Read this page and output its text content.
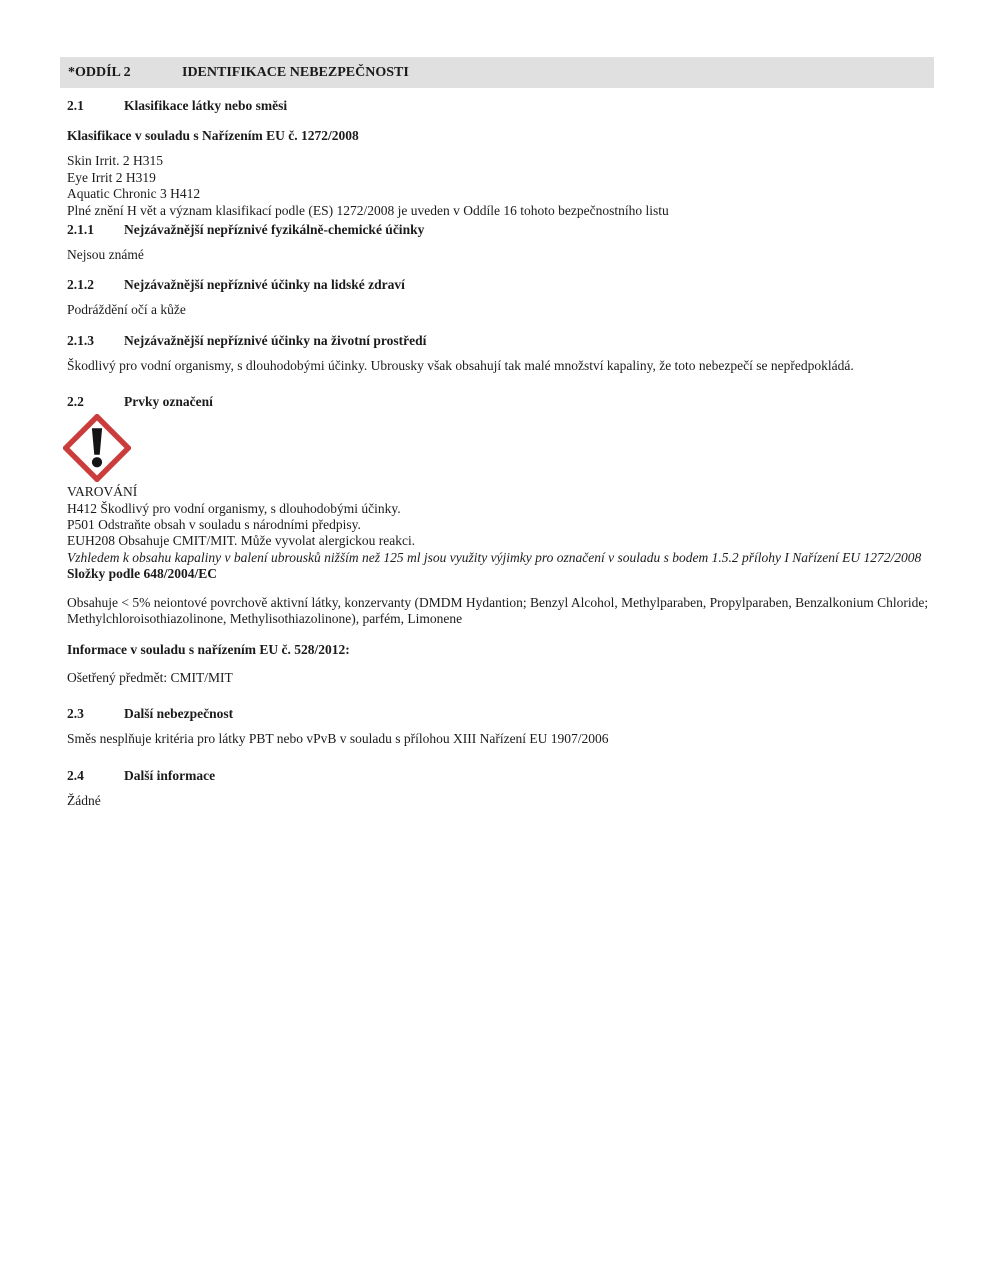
*ODDÍL 2	IDENTIFIKACE NEBEZPEČNOSTI
2.1	Klasifikace látky nebo směsi

Klasifikace v souladu s Nařízením EU č. 1272/2008

Skin Irrit. 2 H315
Eye Irrit 2 H319
Aquatic Chronic 3 H412
Plné znění H vět a význam klasifikací podle (ES) 1272/2008 je uveden v Oddíle 16 tohoto bezpečnostního listu
2.1.1	Nejzávažnější nepříznivé fyzikálně-chemické účinky

Nejsou známé

2.1.2	Nejzávažnější nepříznivé účinky na lidské zdraví

Podráždění očí a kůže

2.1.3	Nejzávažnější nepříznivé účinky na životní prostředí

Škodlivý pro vodní organismy, s dlouhodobými účinky. Ubrousky však obsahují tak malé množství kapaliny, že toto nebezpečí se nepředpokládá.

2.2	Prvky označení

VAROVÁNÍ

H412 Škodlivý pro vodní organismy, s dlouhodobými účinky.
P501 Odstraňte obsah v souladu s národními předpisy.
EUH208 Obsahuje CMIT/MIT. Může vyvolat alergickou reakci.

Vzhledem k obsahu kapaliny v balení ubrousků nižším než 125 ml jsou využity výjimky pro označení v souladu s bodem 1.5.2 přílohy I Nařízení EU 1272/2008

Složky podle 648/2004/EC

Obsahuje < 5% neiontové povrchově aktivní látky, konzervanty (DMDM Hydantion; Benzyl Alcohol, Methylparaben, Propylparaben, Benzalkonium Chloride; Methylchloroisothiazolinone, Methylisothiazolinone), parfém, Limonene

Informace v souladu s nařízením EU č. 528/2012:

Ošetřený předmět: CMIT/MIT

2.3	Další nebezpečnost

Směs nesplňuje kritéria pro látky PBT nebo vPvB v souladu s přílohou XIII Nařízení EU 1907/2006

2.4	Další informace

Žádné
